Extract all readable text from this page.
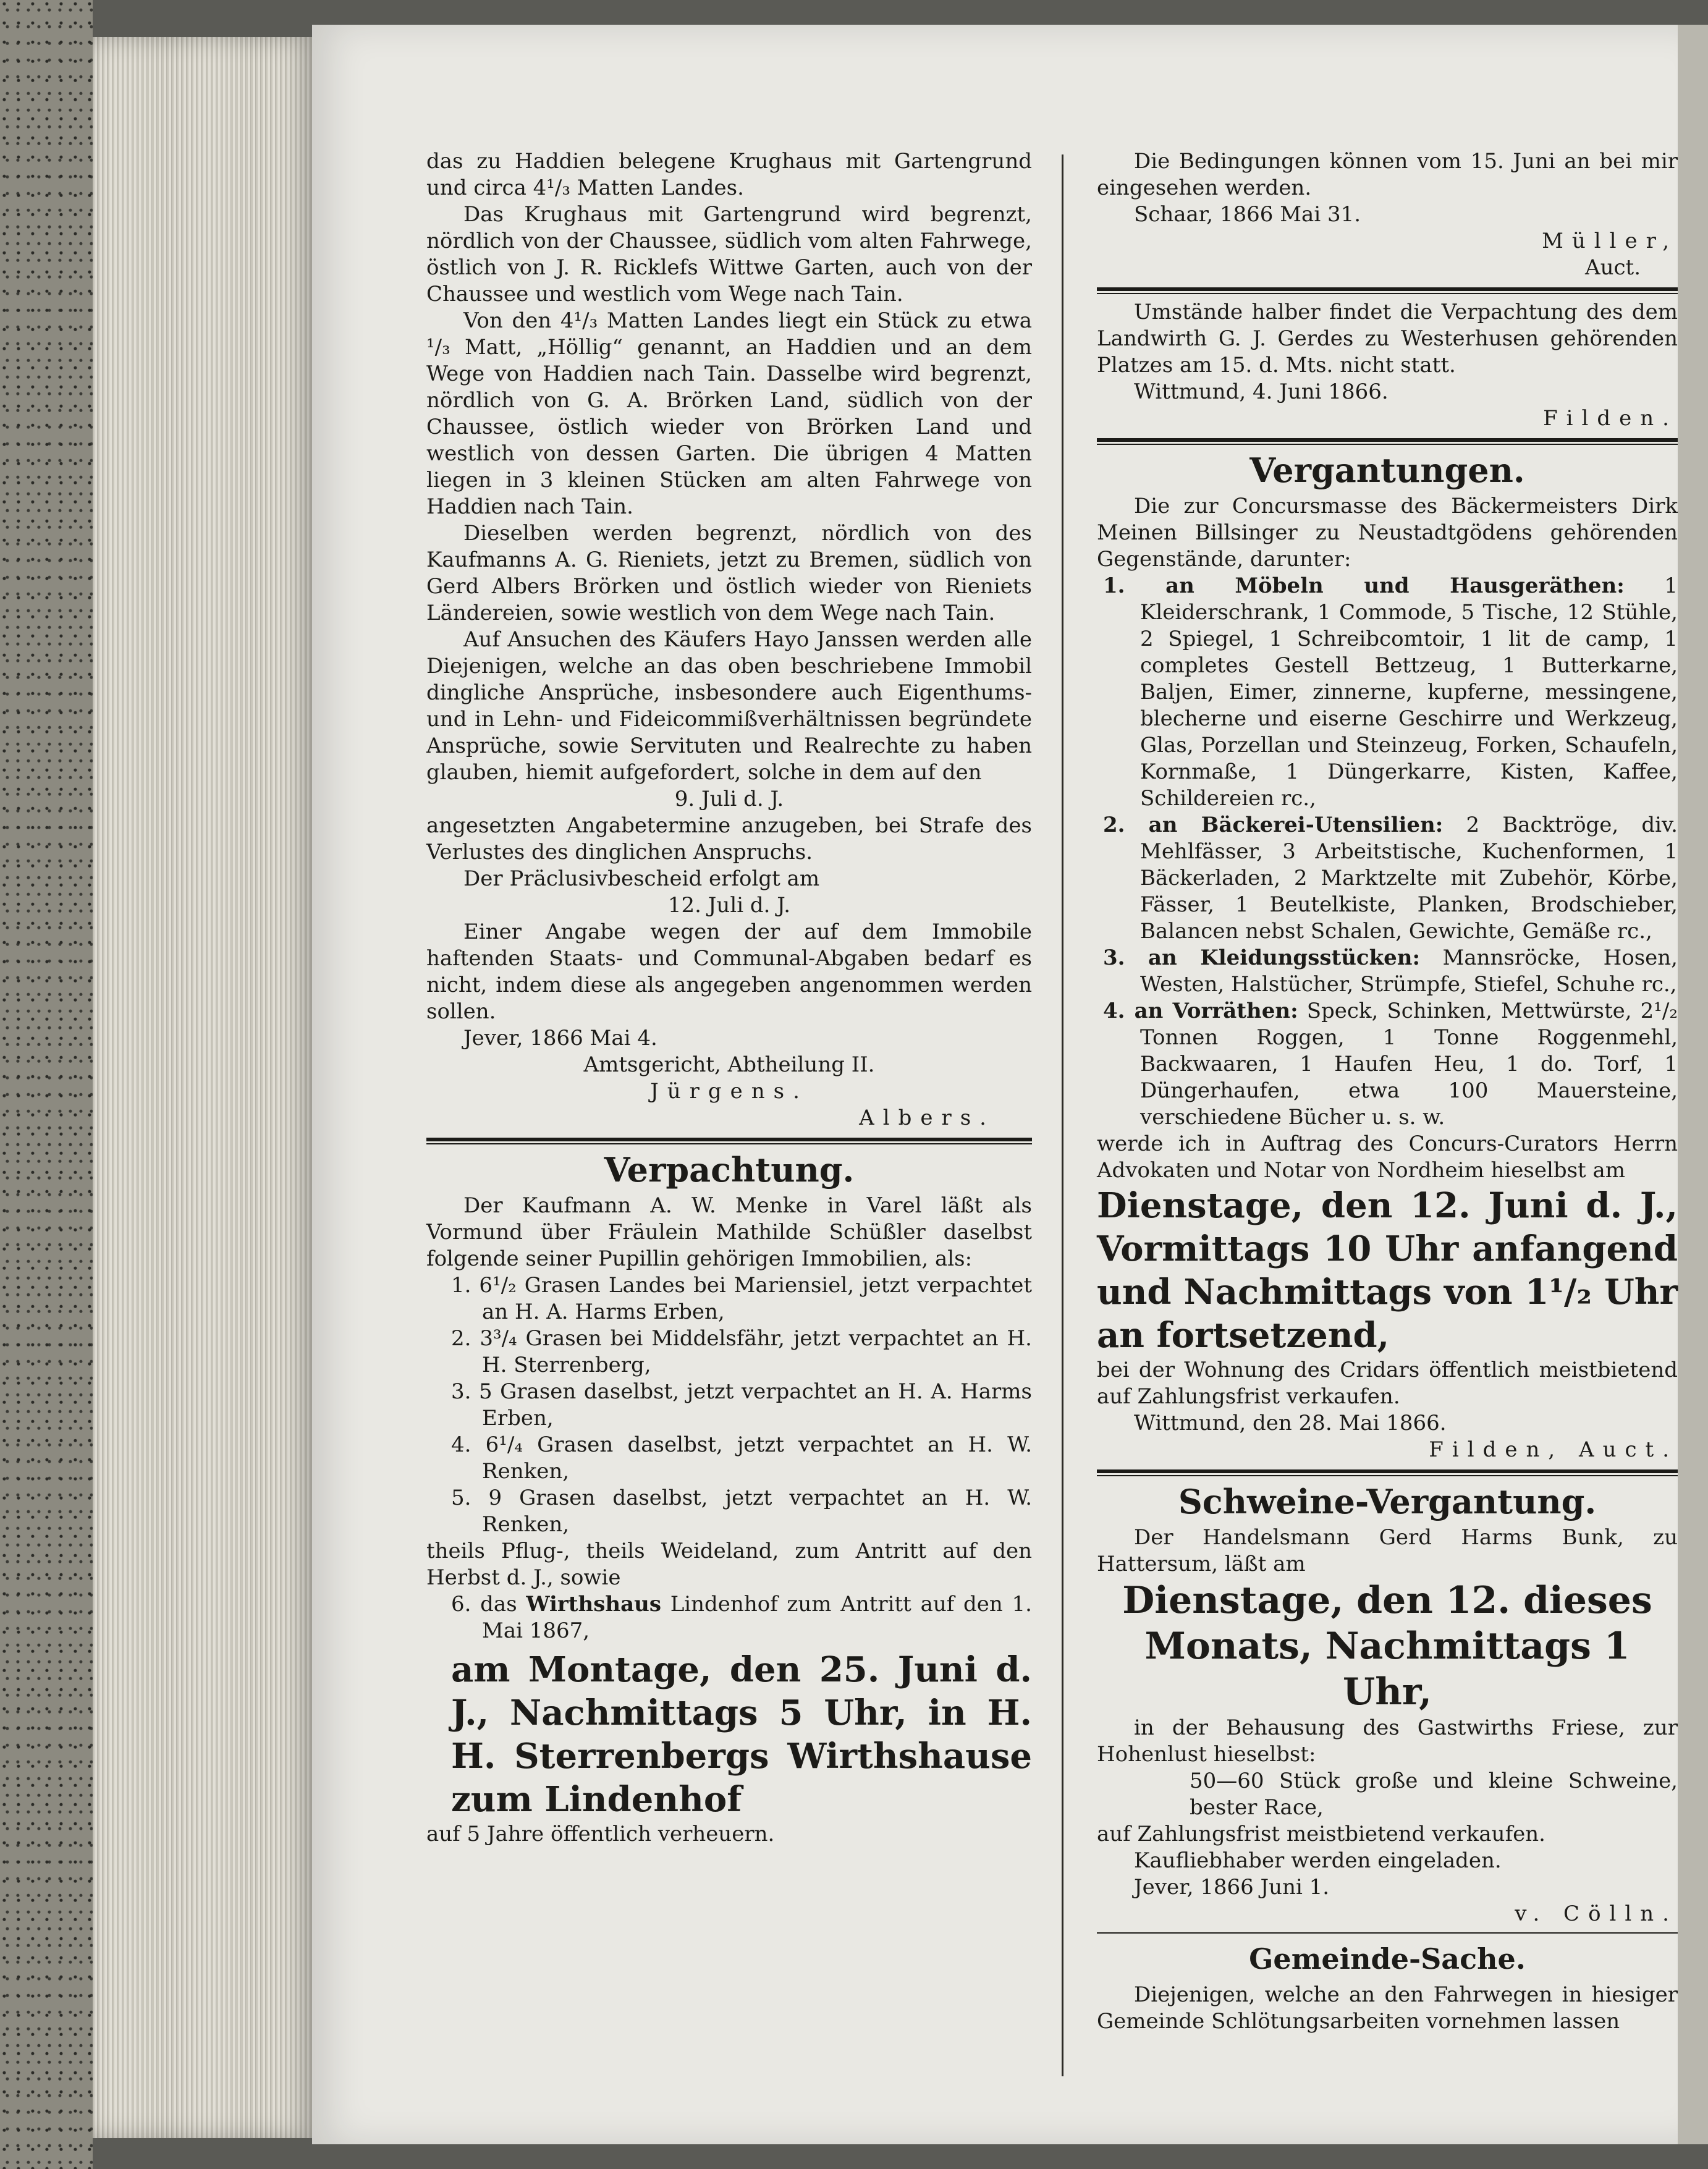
das zu Haddien belegene Krughaus mit Gartengrund und circa 4¹/₃ Matten Landes.

Das Krughaus mit Gartengrund wird begrenzt, nördlich von der Chaussee, südlich vom alten Fahrwege, östlich von J. R. Ricklefs Wittwe Garten, auch von der Chaussee und westlich vom Wege nach Tain.

Von den 4¹/₃ Matten Landes liegt ein Stück zu etwa ¹/₃ Matt, „Höllig“ genannt, an Haddien und an dem Wege von Haddien nach Tain. Dasselbe wird begrenzt, nördlich von G. A. Brörken Land, südlich von der Chaussee, östlich wieder von Brörken Land und westlich von dessen Garten. Die übrigen 4 Matten liegen in 3 kleinen Stücken am alten Fahrwege von Haddien nach Tain.

Dieselben werden begrenzt, nördlich von des Kaufmanns A. G. Rieniets, jetzt zu Bremen, südlich von Gerd Albers Brörken und östlich wieder von Rieniets Ländereien, sowie westlich von dem Wege nach Tain.

Auf Ansuchen des Käufers Hayo Janssen werden alle Diejenigen, welche an das oben beschriebene Immobil dingliche Ansprüche, insbesondere auch Eigenthums- und in Lehn- und Fideicommißverhältnissen begründete Ansprüche, sowie Servituten und Realrechte zu haben glauben, hiemit aufgefordert, solche in dem auf den

9. Juli d. J.

angesetzten Angabetermine anzugeben, bei Strafe des Verlustes des dinglichen Anspruchs.

Der Präclusivbescheid erfolgt am

12. Juli d. J.

Einer Angabe wegen der auf dem Immobile haftenden Staats- und Communal-Abgaben bedarf es nicht, indem diese als angegeben angenommen werden sollen.

Jever, 1866 Mai 4.

Amtsgericht, Abtheilung II.

Jürgens.

Albers.

Verpachtung.

Der Kaufmann A. W. Menke in Varel läßt als Vormund über Fräulein Mathilde Schüßler daselbst folgende seiner Pupillin gehörigen Immobilien, als:

1. 6¹/₂ Grasen Landes bei Mariensiel, jetzt verpachtet an H. A. Harms Erben,

2. 3³/₄ Grasen bei Middelsfähr, jetzt verpachtet an H. H. Sterrenberg,

3. 5 Grasen daselbst, jetzt verpachtet an H. A. Harms Erben,

4. 6¹/₄ Grasen daselbst, jetzt verpachtet an H. W. Renken,

5. 9 Grasen daselbst, jetzt verpachtet an H. W. Renken,

theils Pflug-, theils Weideland, zum Antritt auf den Herbst d. J., sowie

6. das Wirthshaus Lindenhof zum Antritt auf den 1. Mai 1867,

am Montage, den 25. Juni d. J., Nachmittags 5 Uhr, in H. H. Sterrenbergs Wirthshause zum Lindenhof

auf 5 Jahre öffentlich verheuern.

Die Bedingungen können vom 15. Juni an bei mir eingesehen werden.

Schaar, 1866 Mai 31.

Müller,

Auct.

Umstände halber findet die Verpachtung des dem Landwirth G. J. Gerdes zu Westerhusen gehörenden Platzes am 15. d. Mts. nicht statt.

Wittmund, 4. Juni 1866.

Filden.

Vergantungen.

Die zur Concursmasse des Bäckermeisters Dirk Meinen Billsinger zu Neustadtgödens gehörenden Gegenstände, darunter:

1. an Möbeln und Hausgeräthen: 1 Kleiderschrank, 1 Commode, 5 Tische, 12 Stühle, 2 Spiegel, 1 Schreibcomtoir, 1 lit de camp, 1 completes Gestell Bettzeug, 1 Butterkarne, Balјen, Eimer, zinnerne, kupferne, messingene, blecherne und eiserne Geschirre und Werkzeug, Glas, Porzellan und Steinzeug, Forken, Schaufeln, Kornmaße, 1 Düngerkarre, Kisten, Kaffee, Schildereien rc.,

2. an Bäckerei-Utensilien: 2 Backtröge, div. Mehlfässer, 3 Arbeitstische, Kuchenformen, 1 Bäckerladen, 2 Marktzelte mit Zubehör, Körbe, Fässer, 1 Beutelkiste, Planken, Brodschieber, Balancen nebst Schalen, Gewichte, Gemäße rc.,

3. an Kleidungsstücken: Mannsröcke, Hosen, Westen, Halstücher, Strümpfe, Stiefel, Schuhe rc.,

4. an Vorräthen: Speck, Schinken, Mettwürste, 2¹/₂ Tonnen Roggen, 1 Tonne Roggenmehl, Backwaaren, 1 Haufen Heu, 1 do. Torf, 1 Düngerhaufen, etwa 100 Mauersteine, verschiedene Bücher u. s. w.

werde ich in Auftrag des Concurs-Curators Herrn Advokaten und Notar von Nordheim hieselbst am

Dienstage, den 12. Juni d. J., Vormittags 10 Uhr anfangend und Nachmittags von 1¹/₂ Uhr an fortsetzend,

bei der Wohnung des Cridars öffentlich meistbietend auf Zahlungsfrist verkaufen.

Wittmund, den 28. Mai 1866.

Filden, Auct.

Schweine-Vergantung.

Der Handelsmann Gerd Harms Bunk, zu Hattersum, läßt am

Dienstage, den 12. dieses Monats, Nachmittags 1 Uhr,

in der Behausung des Gastwirths Friese, zur Hohenlust hieselbst:

50—60 Stück große und kleine Schweine, bester Race,

auf Zahlungsfrist meistbietend verkaufen.

Kaufliebhaber werden eingeladen.

Jever, 1866 Juni 1.

v. Cölln.

Gemeinde-Sache.

Diejenigen, welche an den Fahrwegen in hiesiger Gemeinde Schlötungsarbeiten vornehmen lassen
